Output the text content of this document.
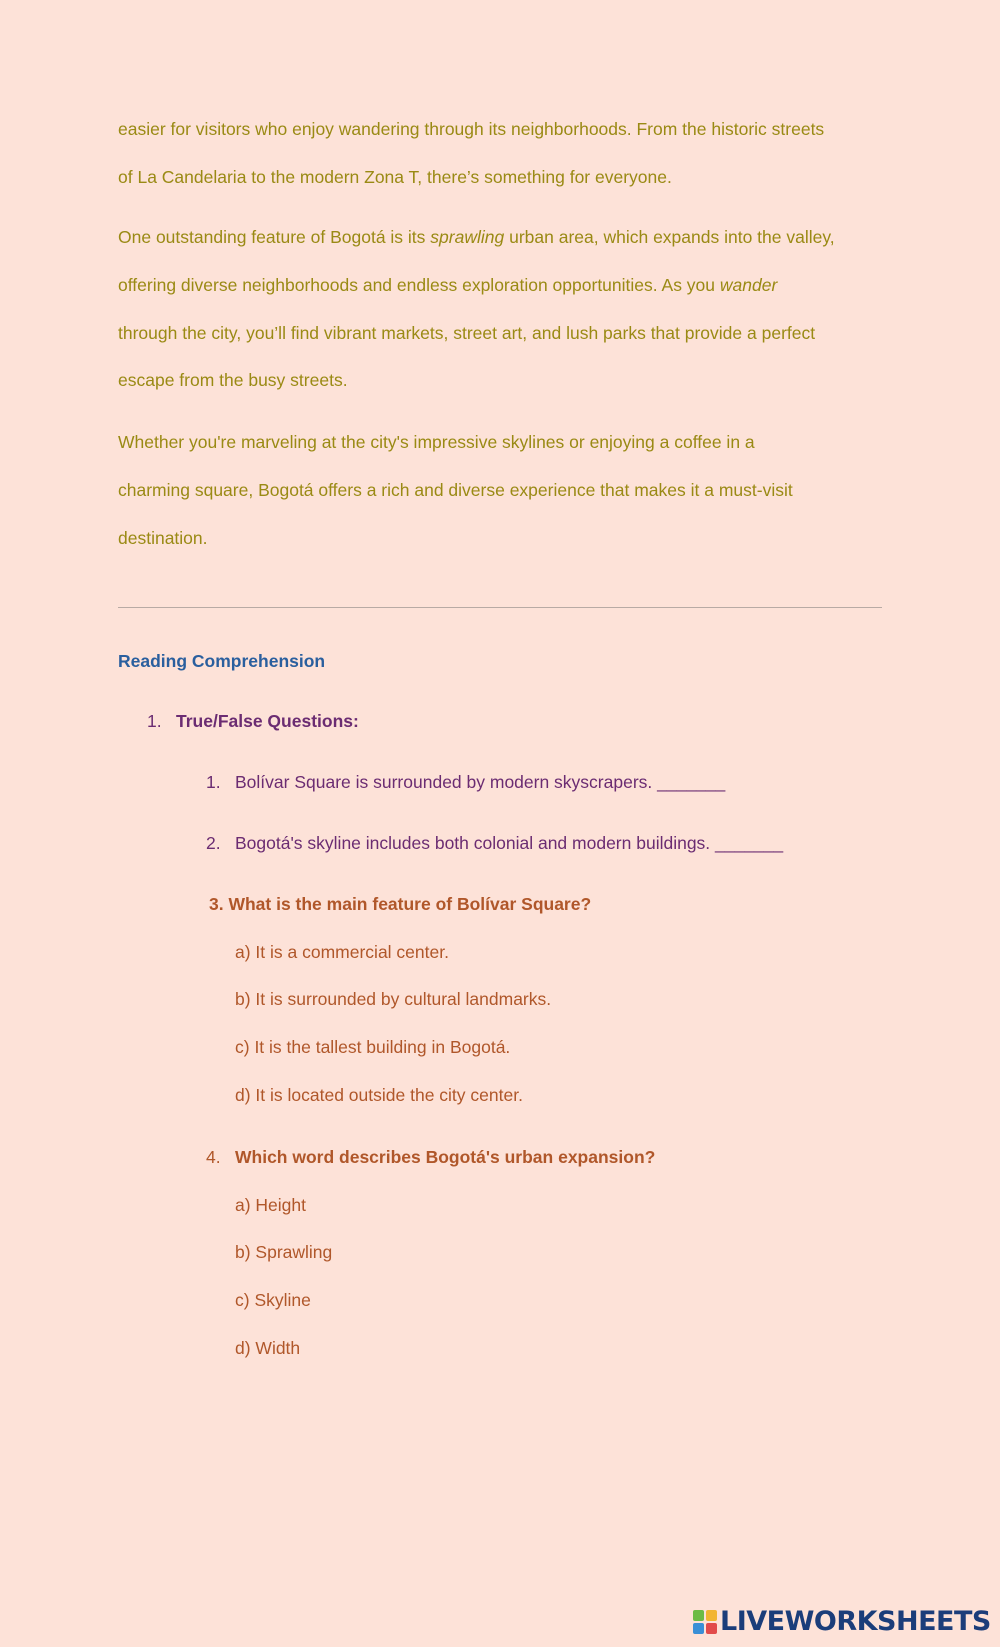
easier for visitors who enjoy wandering through its neighborhoods. From the historic streets
of La Candelaria to the modern Zona T, there’s something for everyone.

One outstanding feature of Bogotá is its sprawling urban area, which expands into the valley,
offering diverse neighborhoods and endless exploration opportunities. As you wander
through the city, you’ll find vibrant markets, street art, and lush parks that provide a perfect
escape from the busy streets.

Whether you're marveling at the city's impressive skylines or enjoying a coffee in a
charming square, Bogotá offers a rich and diverse experience that makes it a must-visit
destination.

Reading Comprehension
1. True/False Questions:
1. Bolívar Square is surrounded by modern skyscrapers. _______
2. Bogotá's skyline includes both colonial and modern buildings. _______
3. What is the main feature of Bolívar Square?
a) It is a commercial center.
b) It is surrounded by cultural landmarks.
c) It is the tallest building in Bogotá.
d) It is located outside the city center.
4. Which word describes Bogotá's urban expansion?
a) Height
b) Sprawling
c) Skyline
d) Width
LIVEWORKSHEETS
